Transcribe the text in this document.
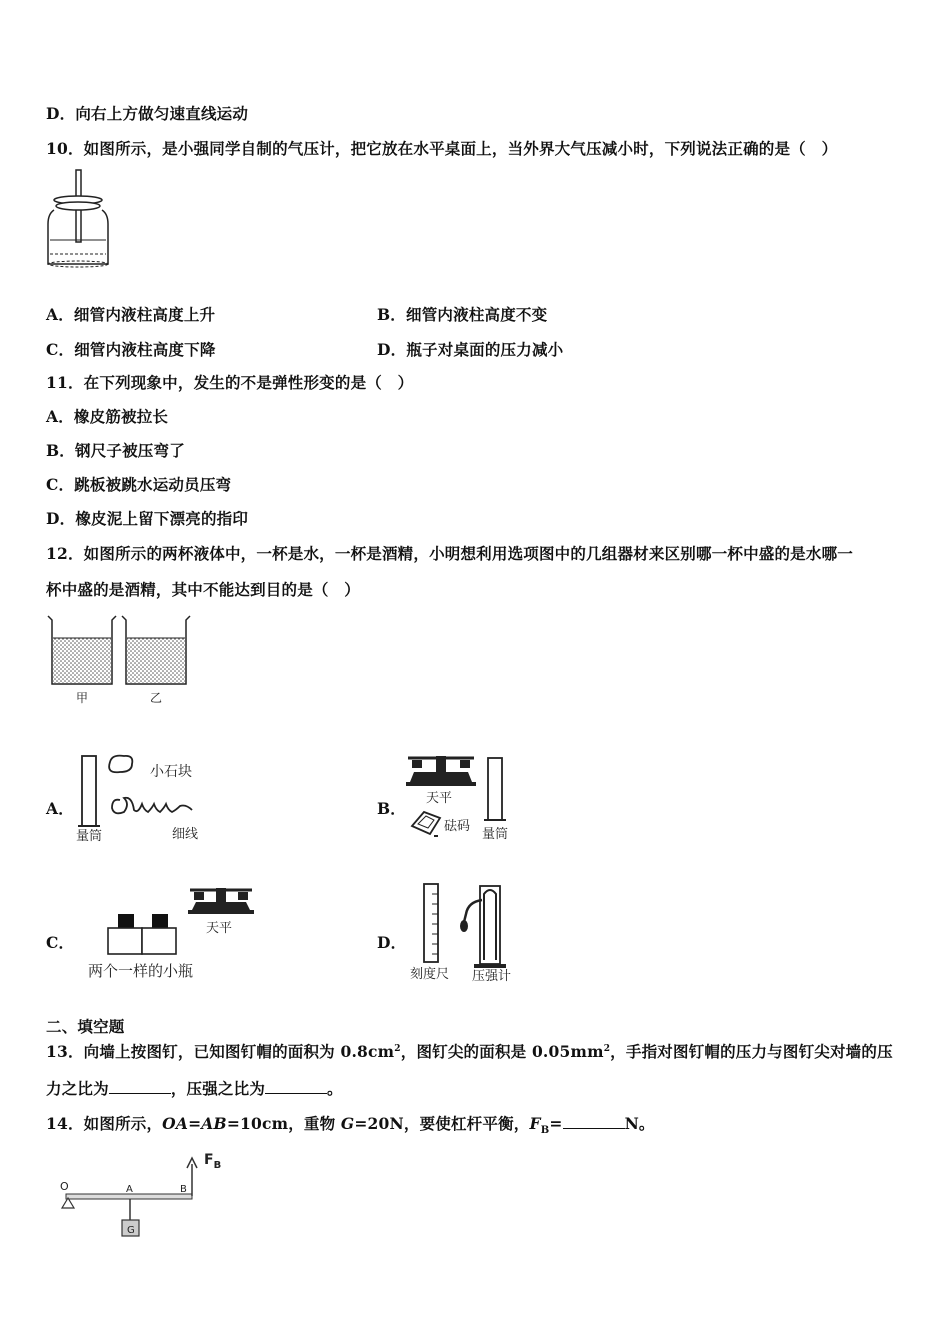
D．向右上方做匀速直线运动
10．如图所示，是小强同学自制的气压计，把它放在水平桌面上，当外界大气压减小时，下列说法正确的是（　）
A．细管内液柱高度上升	B．细管内液柱高度不变
C．细管内液柱高度下降	D．瓶子对桌面的压力减小
11．在下列现象中，发生的不是弹性形变的是（　）
A．橡皮筋被拉长
B．钢尺子被压弯了
C．跳板被跳水运动员压弯
D．橡皮泥上留下漂亮的指印
12．如图所示的两杯液体中，一杯是水，一杯是酒精，小明想利用选项图中的几组器材来区别哪一杯中盛的是水哪一
杯中盛的是酒精，其中不能达到目的是（　）
甲	乙
A．
小石块
量筒	细线
B．
天平
砝码
量筒
C．
天平
两个一样的小瓶
D．
刻度尺 压强计
二、填空题
13．向墙上按图钉，已知图钉帽的面积为 $0.8cm^2$，图钉尖的面积是 $0.05mm^2$，手指对图钉帽的压力与图钉尖对墙的压
力之比为	，压强之比为	。
14．如图所示，OA=AB=10cm，重物 G=20N，要使杠杆平衡，$F_B=$	N。
O	A	B
G
$F_B$
